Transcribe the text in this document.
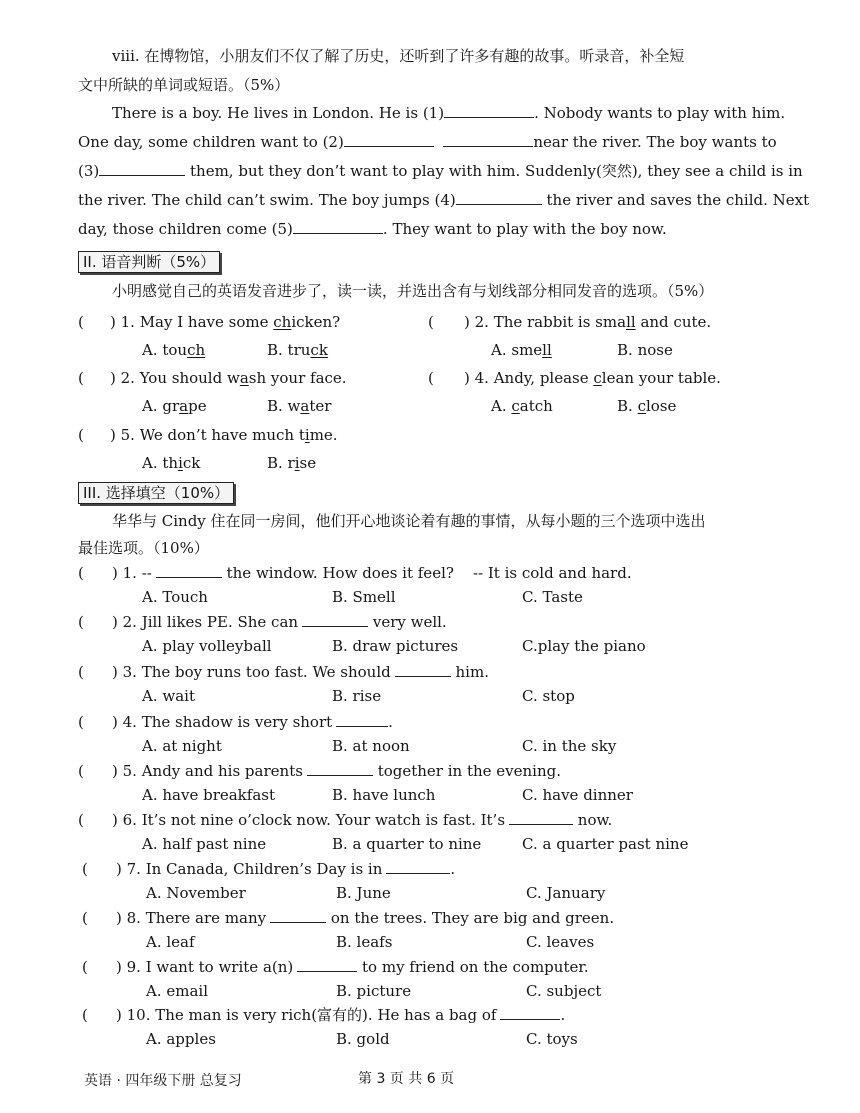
viii. 在博物馆，小朋友们不仅了解了历史，还听到了许多有趣的故事。听录音，补全短
文中所缺的单词或短语。（5%）
There is a boy. He lives in London. He is (1)	. Nobody wants to play with him.
One day, some children want to (2)	near the river. The boy wants to
(3)	them, but they don’t want to play with him. Suddenly(突然), they see a child is in
the river. The child can’t swim. The boy jumps (4)	the river and saves the child. Next
day, those children come (5)	. They want to play with the boy now.
II. 语音判断（5%）
小明感觉自己的英语发音进步了，读一读，并选出含有与划线部分相同发音的选项。（5%）
( ) 1. May I have some chicken?
A. touch	B. truck
( ) 2. The rabbit is small and cute.
A. smell	B. nose
( ) 2. You should wash your face.
A. grape	B. water
( ) 4. Andy, please clean your table.
A. catch	B. close
( ) 5. We don’t have much time.
A. thick	B. rise
III. 选择填空（10%）
华华与 Cindy 住在同一房间，他们开心地谈论着有趣的事情，从每小题的三个选项中选出
最佳选项。（10%）
( ) 1. --	the window. How does it feel?    -- It is cold and hard.
A. Touch	B. Smell	C. Taste
( ) 2. Jill likes PE. She can	very well.
A. play volleyball	B. draw pictures	C.play the piano
( ) 3. The boy runs too fast. We should	him.
A. wait	B. rise	C. stop
( ) 4. The shadow is very short	.
A. at night	B. at noon	C. in the sky
( ) 5. Andy and his parents	together in the evening.
A. have breakfast	B. have lunch	C. have dinner
( ) 6. It’s not nine o’clock now. Your watch is fast. It’s	now.
A. half past nine	B. a quarter to nine	C. a quarter past nine
( ) 7. In Canada, Children’s Day is in	.
A. November	B. June	C. January
( ) 8. There are many	on the trees. They are big and green.
A. leaf	B. leafs	C. leaves
( ) 9. I want to write a(n)	to my friend on the computer.
A. email	B. picture	C. subject
( ) 10. The man is very rich(富有的). He has a bag of	.
A. apples	B. gold	C. toys
英语 · 四年级下册 总复习	第 3 页 共 6 页
